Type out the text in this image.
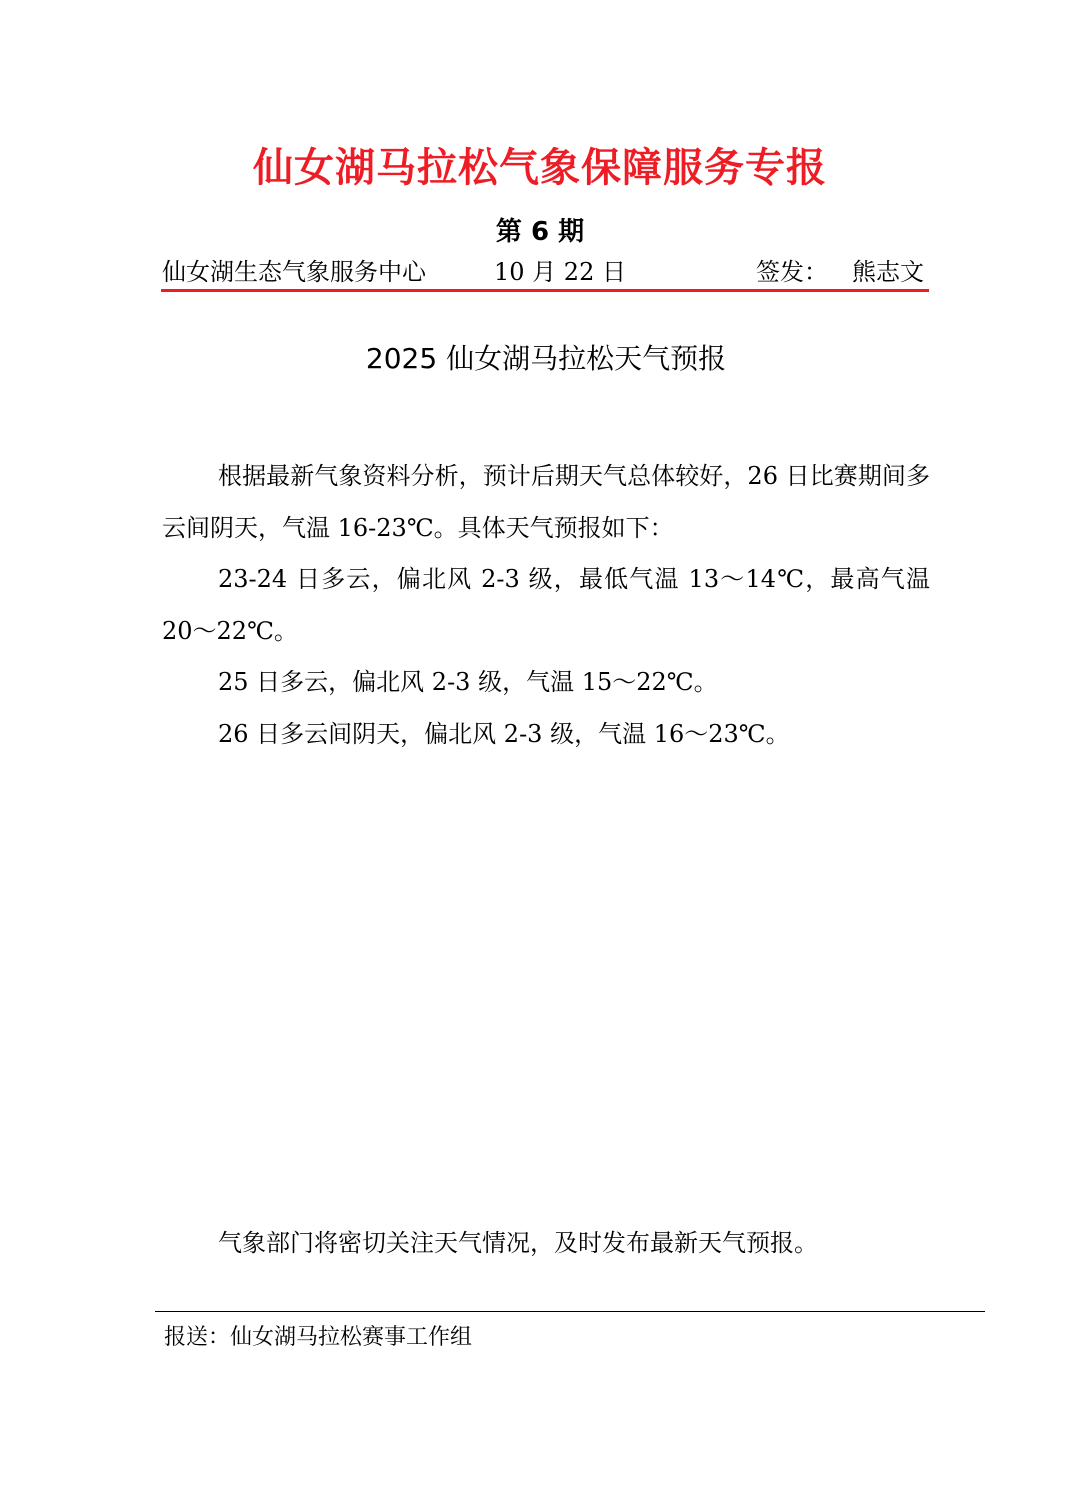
仙女湖马拉松气象保障服务专报
第 6 期
仙女湖生态气象服务中心	10 月 22 日	签发： 熊志文
2025 仙女湖马拉松天气预报

根据最新气象资料分析，预计后期天气总体较好，26 日比赛期间多云间阴天，气温 16-23℃。具体天气预报如下：

23-24 日多云，偏北风 2-3 级，最低气温 13～14℃，最高气温 20～22℃。

25 日多云，偏北风 2-3 级，气温 15～22℃。

26 日多云间阴天，偏北风 2-3 级，气温 16～23℃。

气象部门将密切关注天气情况，及时发布最新天气预报。
报送：仙女湖马拉松赛事工作组
